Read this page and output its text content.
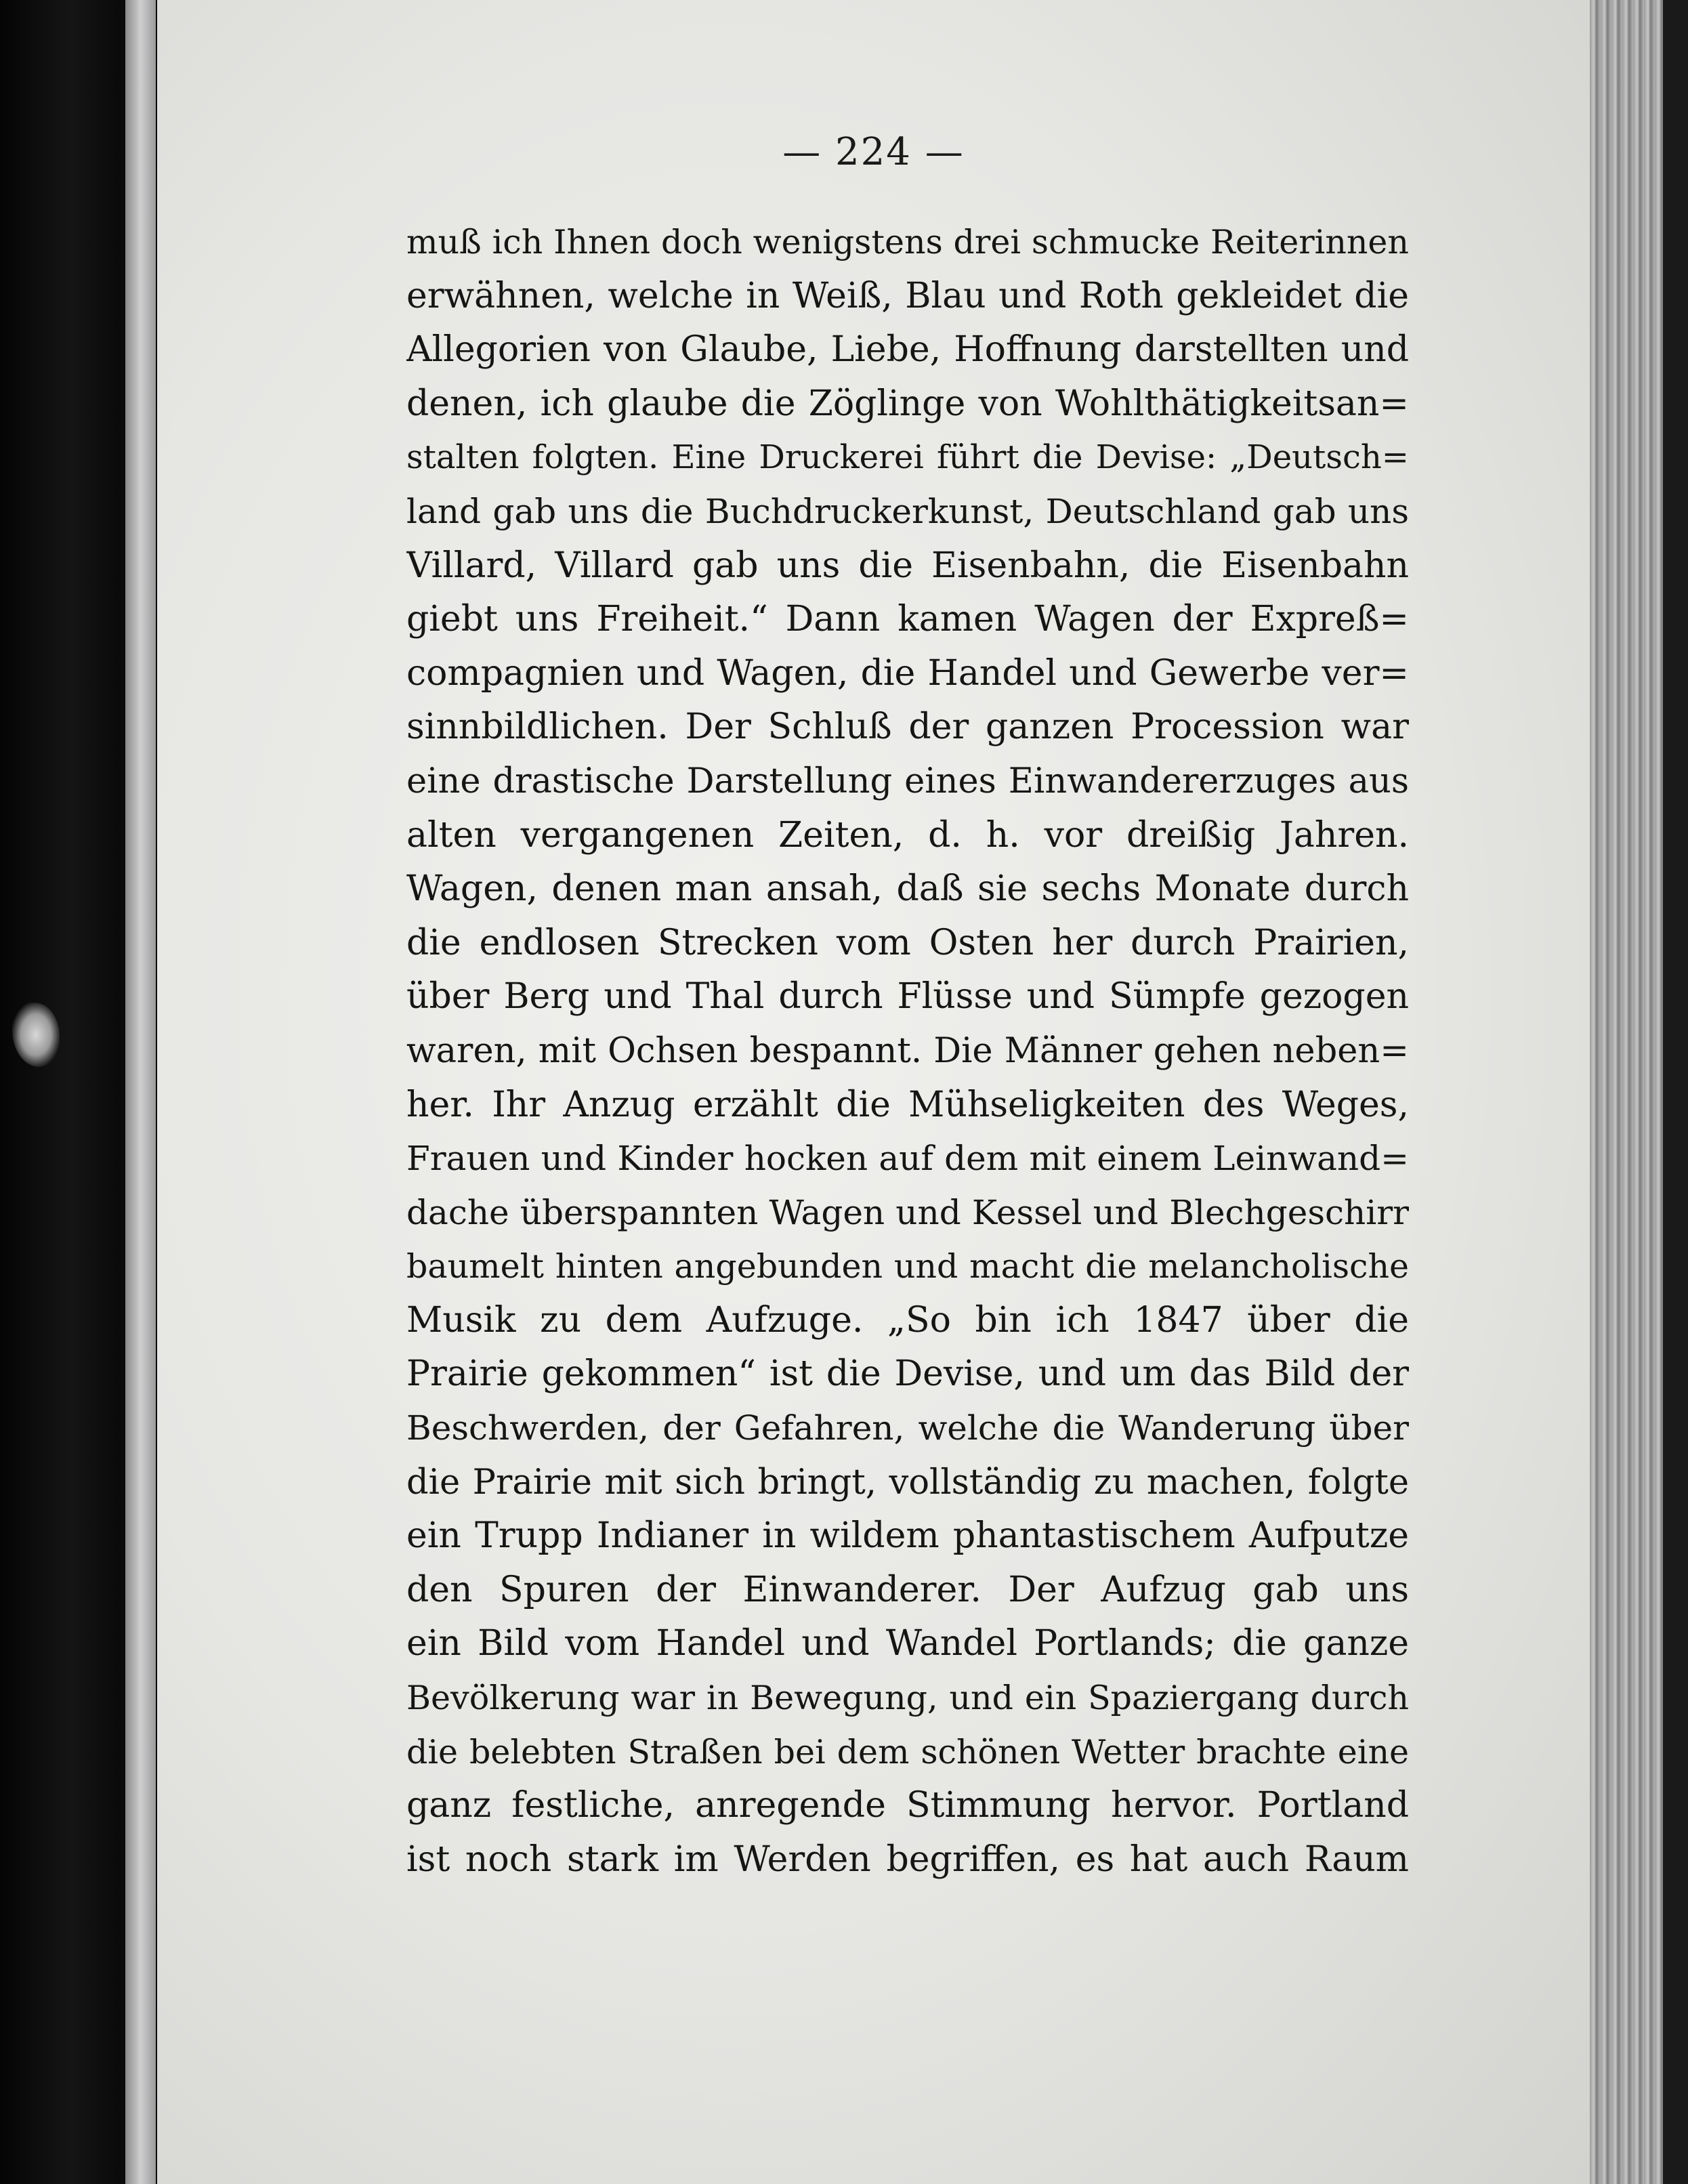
— 224 —
muß ich Ihnen doch wenigstens drei schmucke Reiterinnen
erwähnen, welche in Weiß, Blau und Roth gekleidet die
Allegorien von Glaube, Liebe, Hoffnung darstellten und
denen, ich glaube die Zöglinge von Wohlthätigkeitsan=
stalten folgten. Eine Druckerei führt die Devise: „Deutsch=
land gab uns die Buchdruckerkunst, Deutschland gab uns
Villard, Villard gab uns die Eisenbahn, die Eisenbahn
giebt uns Freiheit.“ Dann kamen Wagen der Expreß=
compagnien und Wagen, die Handel und Gewerbe ver=
sinnbildlichen. Der Schluß der ganzen Procession war
eine drastische Darstellung eines Einwandererzuges aus
alten vergangenen Zeiten, d. h. vor dreißig Jahren.
Wagen, denen man ansah, daß sie sechs Monate durch
die endlosen Strecken vom Osten her durch Prairien,
über Berg und Thal durch Flüsse und Sümpfe gezogen
waren, mit Ochsen bespannt. Die Männer gehen neben=
her. Ihr Anzug erzählt die Mühseligkeiten des Weges,
Frauen und Kinder hocken auf dem mit einem Leinwand=
dache überspannten Wagen und Kessel und Blechgeschirr
baumelt hinten angebunden und macht die melancholische
Musik zu dem Aufzuge. „So bin ich 1847 über die
Prairie gekommen“ ist die Devise, und um das Bild der
Beschwerden, der Gefahren, welche die Wanderung über
die Prairie mit sich bringt, vollständig zu machen, folgte
ein Trupp Indianer in wildem phantastischem Aufputze
den Spuren der Einwanderer. Der Aufzug gab uns
ein Bild vom Handel und Wandel Portlands; die ganze
Bevölkerung war in Bewegung, und ein Spaziergang durch
die belebten Straßen bei dem schönen Wetter brachte eine
ganz festliche, anregende Stimmung hervor. Portland
ist noch stark im Werden begriffen, es hat auch Raum
